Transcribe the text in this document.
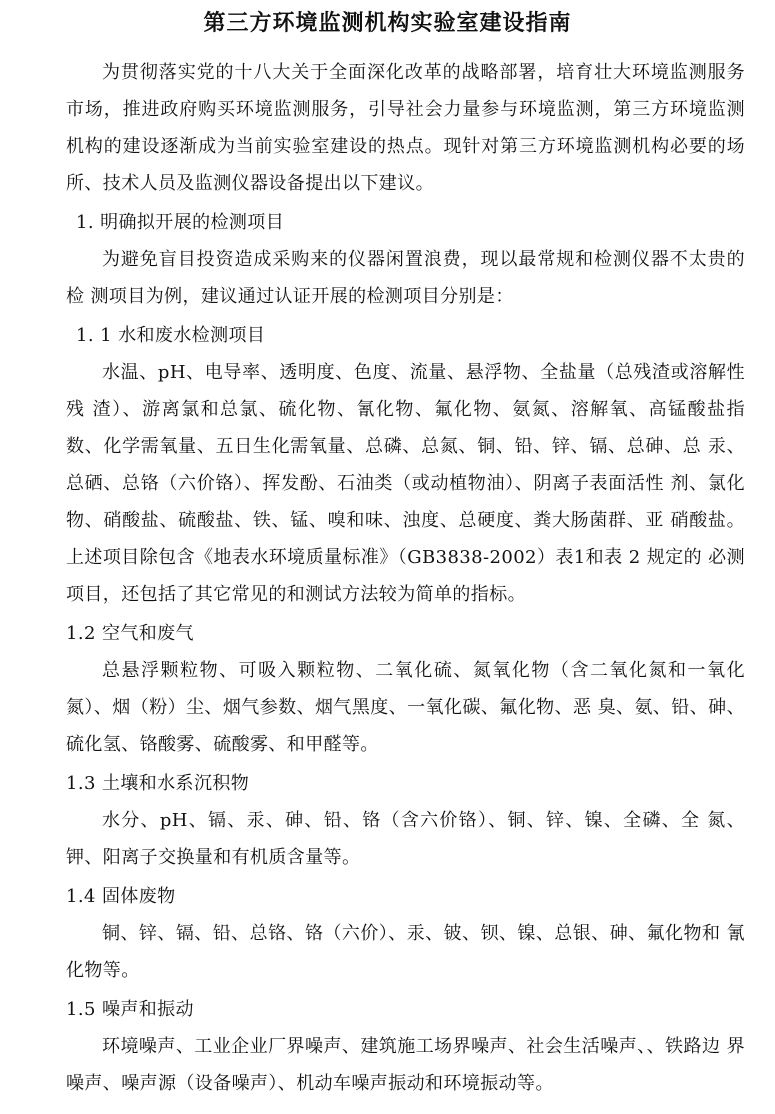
第三方环境监测机构实验室建设指南

为贯彻落实党的十八大关于全面深化改革的战略部署，培育壮大环境监测服务 市场，推进政府购买环境监测服务，引导社会力量参与环境监测，第三方环境监测 机构的建设逐渐成为当前实验室建设的热点。现针对第三方环境监测机构必要的场 所、技术人员及监测仪器设备提出以下建议。

1. 明确拟开展的检测项目

为避免盲目投资造成采购来的仪器闲置浪费，现以最常规和检测仪器不太贵的检 测项目为例，建议通过认证开展的检测项目分别是：

1. 1 水和废水检测项目

水温、pH、电导率、透明度、色度、流量、悬浮物、全盐量（总残渣或溶解性残 渣）、游离氯和总氯、硫化物、氰化物、氟化物、氨氮、溶解氧、高锰酸盐指 数、化学需氧量、五日生化需氧量、总磷、总氮、铜、铅、锌、镉、总砷、总 汞、总硒、总铬（六价铬）、挥发酚、石油类（或动植物油）、阴离子表面活性 剂、氯化物、硝酸盐、硫酸盐、铁、锰、嗅和味、浊度、总硬度、粪大肠菌群、亚 硝酸盐。上述项目除包含《地表水环境质量标准》（GB3838-2002）表1和表 2 规定的 必测项目，还包括了其它常见的和测试方法较为简单的指标。

1.2 空气和废气

总悬浮颗粒物、可吸入颗粒物、二氧化硫、氮氧化物（含二氧化氮和一氧化氮）、烟（粉）尘、烟气参数、烟气黑度、一氧化碳、氟化物、恶 臭、氨、铅、砷、硫化氢、铬酸雾、硫酸雾、和甲醛等。

1.3 土壤和水系沉积物

水分、pH、镉、汞、砷、铅、铬（含六价铬）、铜、锌、镍、全磷、全 氮、钾、阳离子交换量和有机质含量等。

1.4 固体废物

铜、锌、镉、铅、总铬、铬（六价）、汞、铍、钡、镍、总银、砷、氟化物和 氰化物等。

1.5 噪声和振动

环境噪声、工业企业厂界噪声、建筑施工场界噪声、社会生活噪声、、铁路边 界噪声、噪声源（设备噪声）、机动车噪声振动和环境振动等。
